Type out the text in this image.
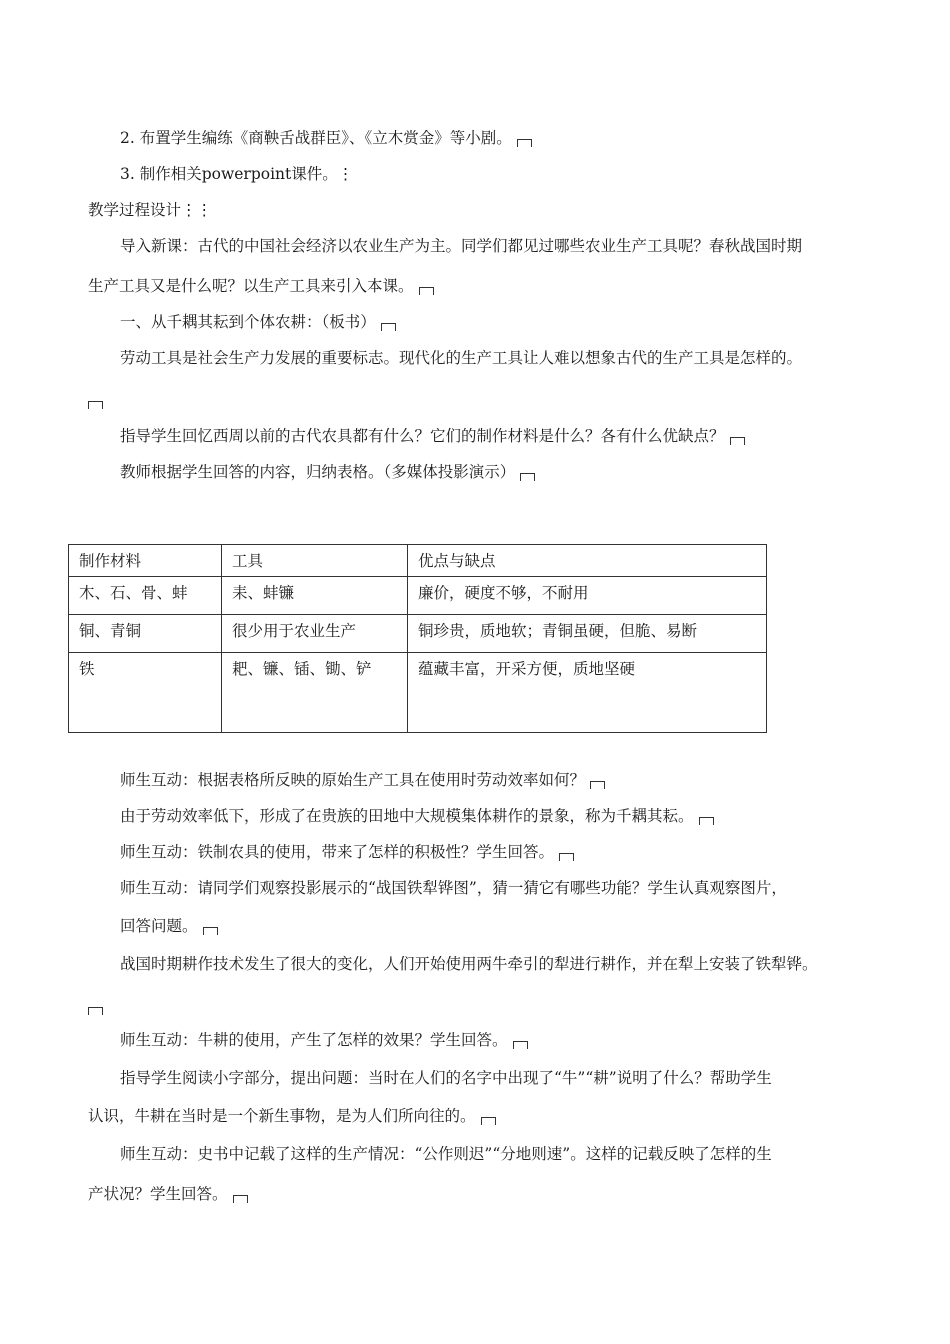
2. 布置学生编练《商鞅舌战群臣》、《立木赏金》等小剧。
3. 制作相关powerpoint课件。⋮
教学过程设计⋮⋮
导入新课：古代的中国社会经济以农业生产为主。同学们都见过哪些农业生产工具呢？春秋战国时期
生产工具又是什么呢？以生产工具来引入本课。
一、从千耦其耘到个体农耕：（板书）
劳动工具是社会生产力发展的重要标志。现代化的生产工具让人难以想象古代的生产工具是怎样的。
指导学生回忆西周以前的古代农具都有什么？它们的制作材料是什么？各有什么优缺点？
教师根据学生回答的内容，归纳表格。（多媒体投影演示）
制作材料	工具	优点与缺点
木、石、骨、蚌	耒、蚌镰	廉价，硬度不够，不耐用
铜、青铜	很少用于农业生产	铜珍贵，质地软；青铜虽硬，但脆、易断
铁	耙、镰、锸、锄、铲	蕴藏丰富，开采方便，质地坚硬
师生互动：根据表格所反映的原始生产工具在使用时劳动效率如何？
由于劳动效率低下，形成了在贵族的田地中大规模集体耕作的景象，称为千耦其耘。
师生互动：铁制农具的使用，带来了怎样的积极性？学生回答。
师生互动：请同学们观察投影展示的“战国铁犁铧图”，猜一猜它有哪些功能？学生认真观察图片，
回答问题。
战国时期耕作技术发生了很大的变化，人们开始使用两牛牵引的犁进行耕作，并在犁上安装了铁犁铧。
师生互动：牛耕的使用，产生了怎样的效果？学生回答。
指导学生阅读小字部分，提出问题：当时在人们的名字中出现了“牛”“耕”说明了什么？帮助学生
认识，牛耕在当时是一个新生事物，是为人们所向往的。
师生互动：史书中记载了这样的生产情况：“公作则迟”“分地则速”。这样的记载反映了怎样的生
产状况？学生回答。
